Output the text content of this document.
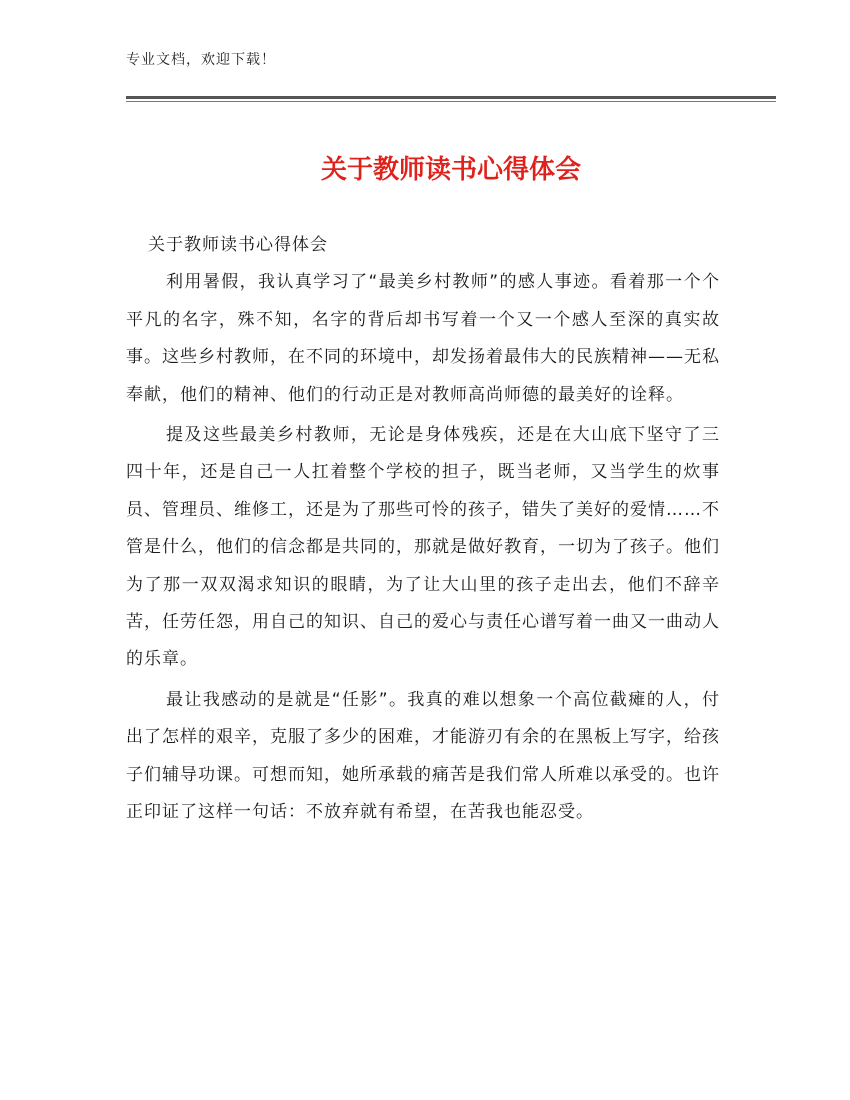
专业文档，欢迎下载！
关于教师读书心得体会

关于教师读书心得体会

利用暑假，我认真学习了“最美乡村教师”的感人事迹。看着那一个个平凡的名字，殊不知，名字的背后却书写着一个又一个感人至深的真实故事。这些乡村教师，在不同的环境中，却发扬着最伟大的民族精神——无私奉献，他们的精神、他们的行动正是对教师高尚师德的最美好的诠释。

提及这些最美乡村教师，无论是身体残疾，还是在大山底下坚守了三四十年，还是自己一人扛着整个学校的担子，既当老师，又当学生的炊事员、管理员、维修工，还是为了那些可怜的孩子，错失了美好的爱情……不管是什么，他们的信念都是共同的，那就是做好教育，一切为了孩子。他们为了那一双双渴求知识的眼睛，为了让大山里的孩子走出去，他们不辞辛苦，任劳任怨，用自己的知识、自己的爱心与责任心谱写着一曲又一曲动人的乐章。

最让我感动的是就是“任影”。我真的难以想象一个高位截瘫的人，付出了怎样的艰辛，克服了多少的困难，才能游刃有余的在黑板上写字，给孩子们辅导功课。可想而知，她所承载的痛苦是我们常人所难以承受的。也许正印证了这样一句话：不放弃就有希望，在苦我也能忍受。
